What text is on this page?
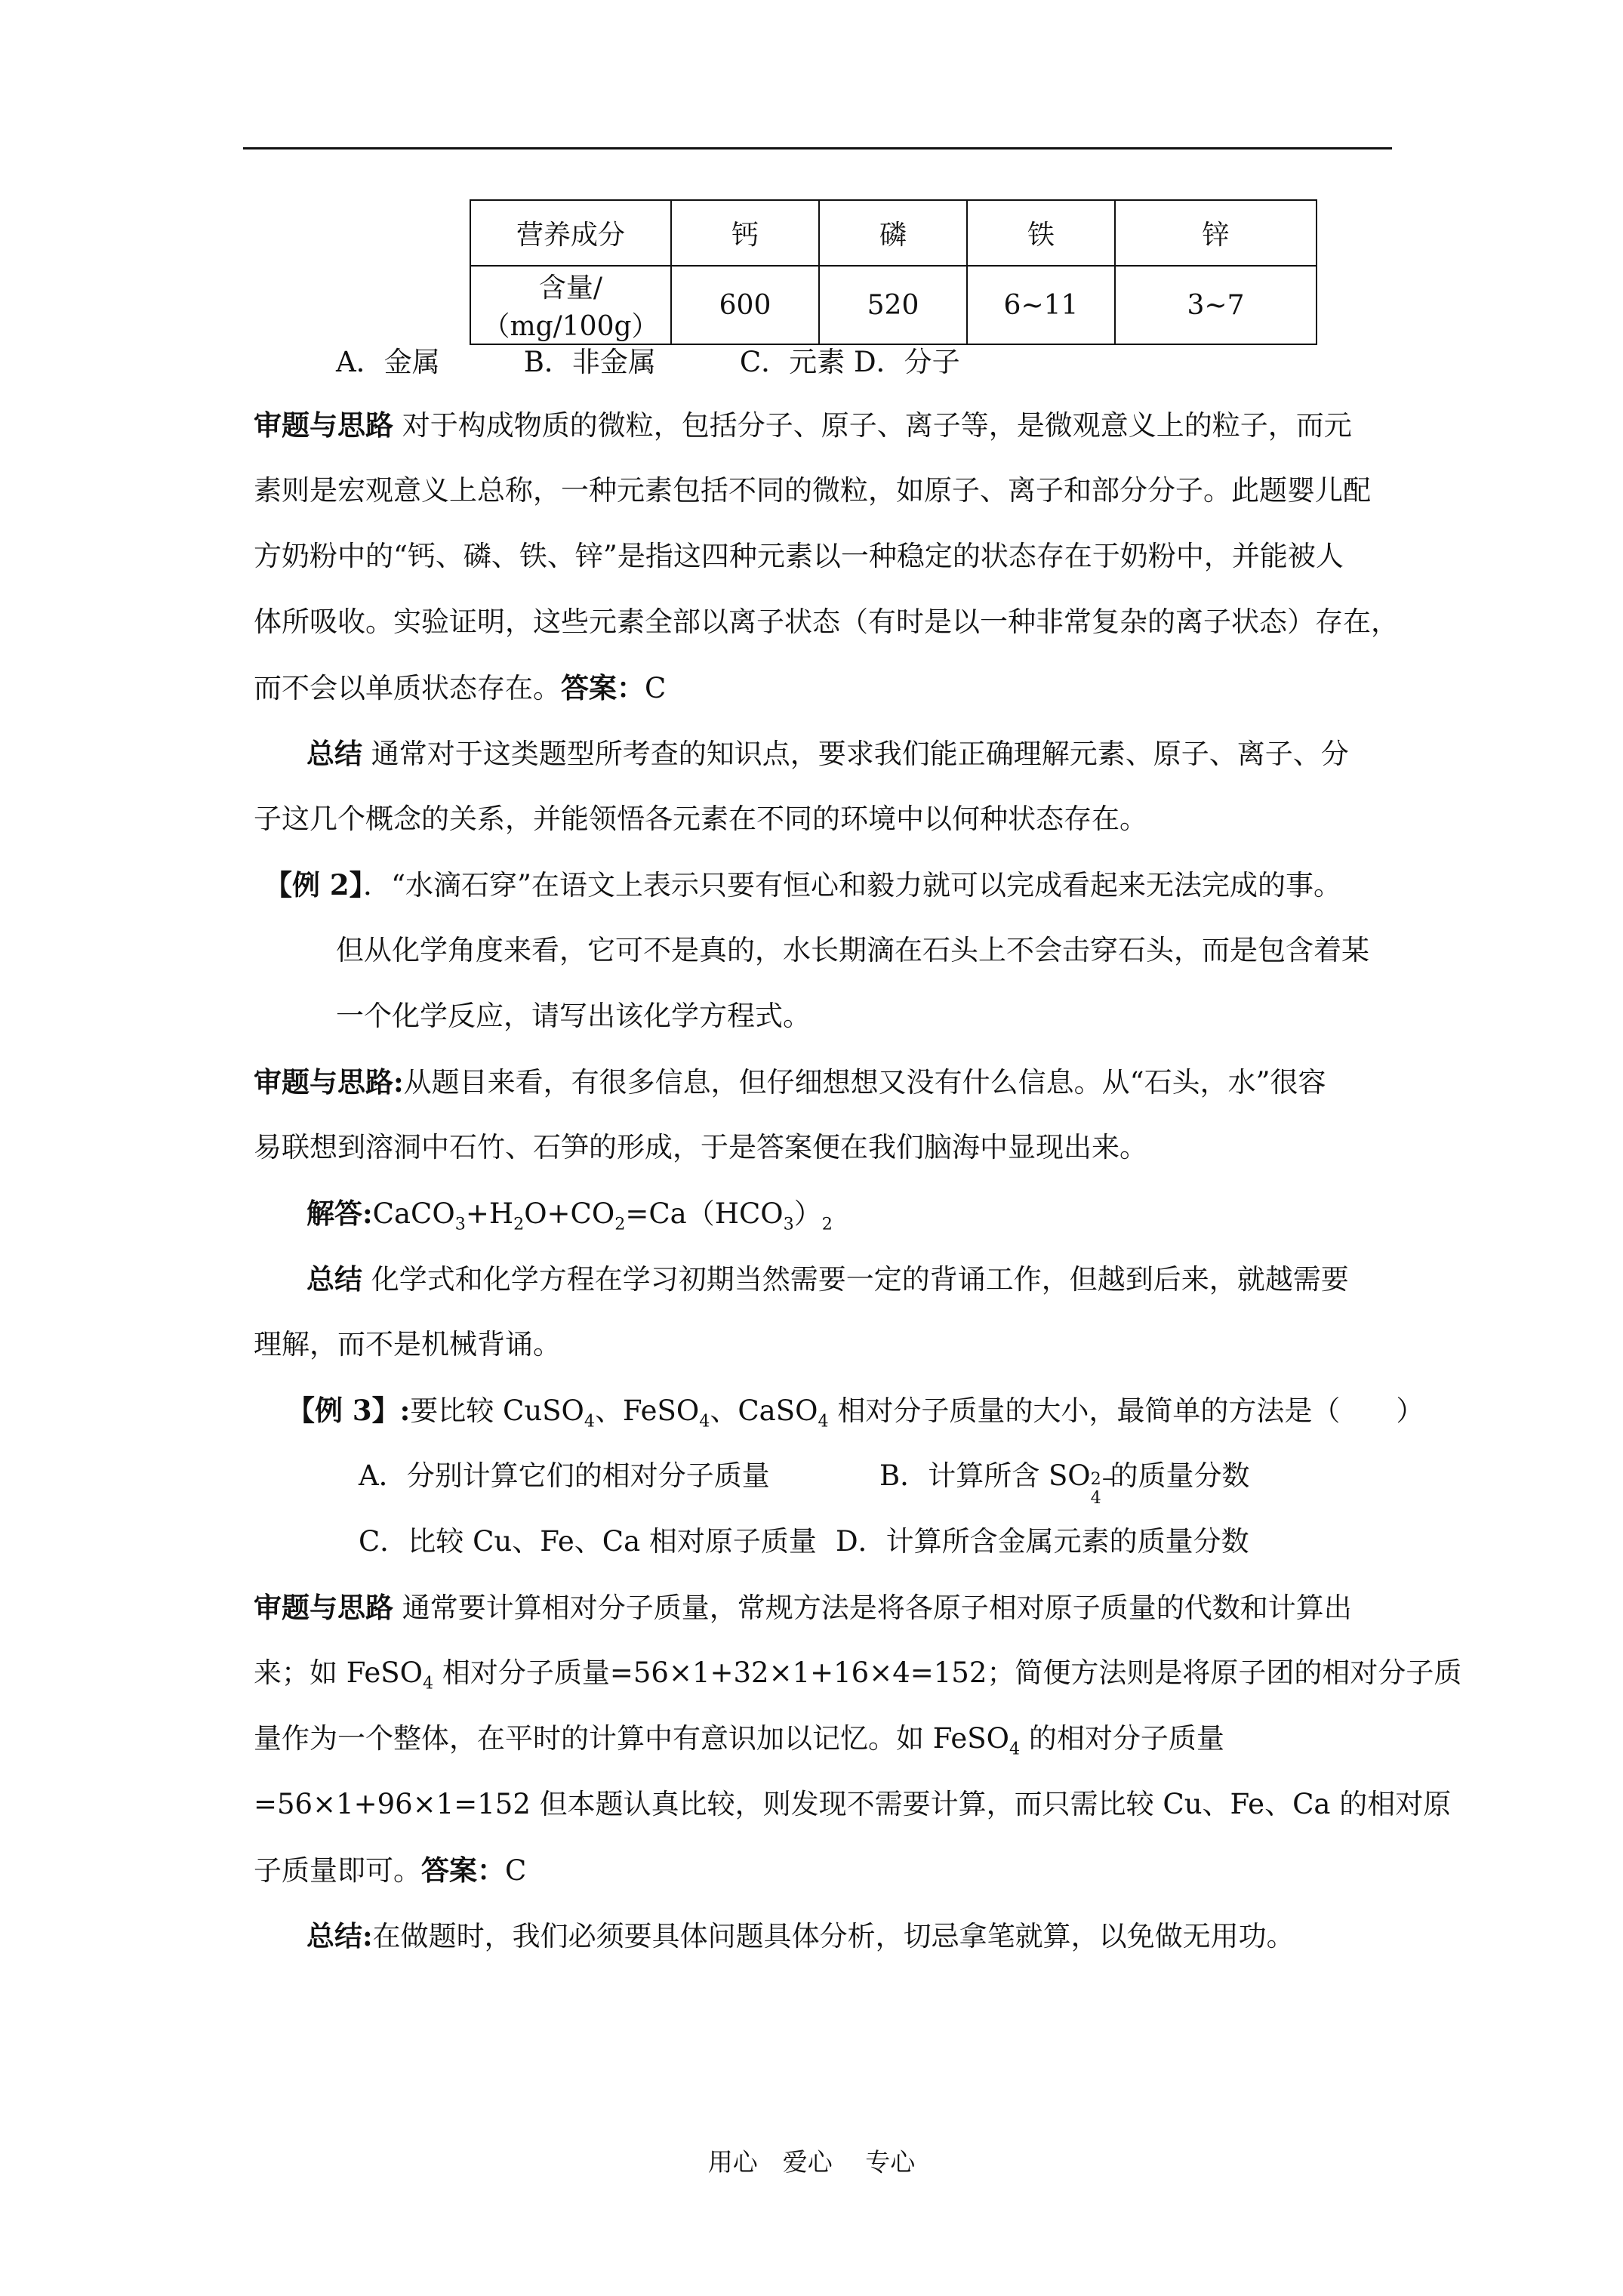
营养成分	钙	磷	铁	锌
含量/（mg/100g）	600	520	6~11	3~7
A．金属　　　B．非金属　　　C．元素 D．分子
审题与思路 对于构成物质的微粒，包括分子、原子、离子等，是微观意义上的粒子，而元
素则是宏观意义上总称，一种元素包括不同的微粒，如原子、离子和部分分子。此题婴儿配
方奶粉中的“钙、磷、铁、锌”是指这四种元素以一种稳定的状态存在于奶粉中，并能被人
体所吸收。实验证明，这些元素全部以离子状态（有时是以一种非常复杂的离子状态）存在，
而不会以单质状态存在。答案：C
总结 通常对于这类题型所考查的知识点，要求我们能正确理解元素、原子、离子、分
子这几个概念的关系，并能领悟各元素在不同的环境中以何种状态存在。
【例 2】．“水滴石穿”在语文上表示只要有恒心和毅力就可以完成看起来无法完成的事。
但从化学角度来看，它可不是真的，水长期滴在石头上不会击穿石头，而是包含着某
一个化学反应，请写出该化学方程式。
审题与思路:从题目来看，有很多信息，但仔细想想又没有什么信息。从“石头，水”很容
易联想到溶洞中石竹、石笋的形成，于是答案便在我们脑海中显现出来。
解答$:CaCO_3+H_2O+CO_2=Ca(HCO_3)_2$
总结 化学式和化学方程在学习初期当然需要一定的背诵工作，但越到后来，就越需要
理解，而不是机械背诵。
【例 3】:要比较 CuSO$_4$、FeSO$_4$、CaSO$_4$ 相对分子质量的大小，最简单的方法是（　　）
A．分别计算它们的相对分子质量	B．计算所含 SO 2−
4
的质量分数
C．比较 Cu、Fe、Ca 相对原子质量 D．计算所含金属元素的质量分数
审题与思路 通常要计算相对分子质量，常规方法是将各原子相对原子质量的代数和计算出
来；如 FeSO$_4$ 相对分子质量=56×1+32×1+16×4=152；简便方法则是将原子团的相对分子质
量作为一个整体，在平时的计算中有意识加以记忆。如 FeSO$_4$ 的相对分子质量
=56×1+96×1=152 但本题认真比较，则发现不需要计算，而只需比较 Cu、Fe、Ca 的相对原
子质量即可。答案：C
总结:在做题时，我们必须要具体问题具体分析，切忌拿笔就算，以免做无用功。
用心　爱心　 专心
